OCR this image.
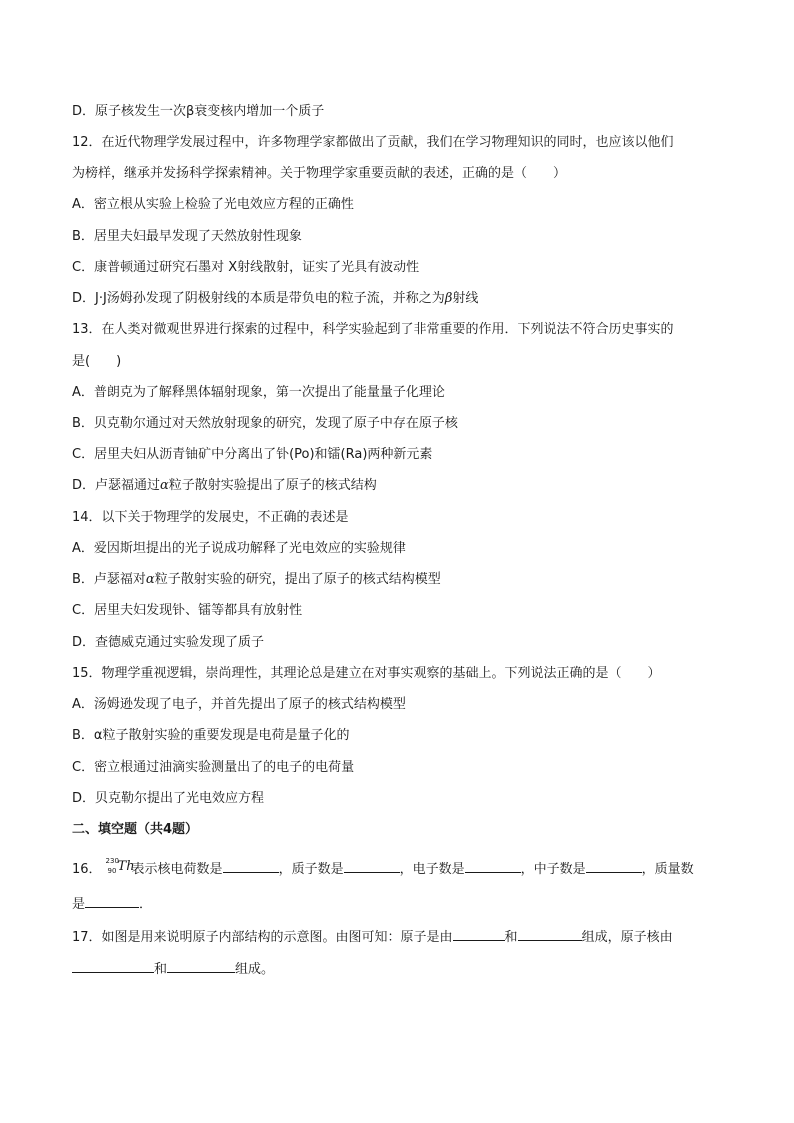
D．原子核发生一次β衰变核内增加一个质子
12．在近代物理学发展过程中，许多物理学家都做出了贡献，我们在学习物理知识的同时，也应该以他们
为榜样，继承并发扬科学探索精神。关于物理学家重要贡献的表述，正确的是（　　）
A．密立根从实验上检验了光电效应方程的正确性
B．居里夫妇最早发现了天然放射性现象
C．康普顿通过研究石墨对 X射线散射，证实了光具有波动性
D．J·J汤姆孙发现了阴极射线的本质是带负电的粒子流，并称之为β射线
13．在人类对微观世界进行探索的过程中，科学实验起到了非常重要的作用．下列说法不符合历史事实的
是(　　)
A．普朗克为了解释黑体辐射现象，第一次提出了能量量子化理论
B．贝克勒尔通过对天然放射现象的研究，发现了原子中存在原子核
C．居里夫妇从沥青铀矿中分离出了钋(Po)和镭(Ra)两种新元素
D．卢瑟福通过α粒子散射实验提出了原子的核式结构
14．以下关于物理学的发展史，不正确的表述是
A．爱因斯坦提出的光子说成功解释了光电效应的实验规律
B．卢瑟福对α粒子散射实验的研究，提出了原子的核式结构模型
C．居里夫妇发现钋、镭等都具有放射性
D．查德威克通过实验发现了质子
15．物理学重视逻辑，崇尚理性，其理论总是建立在对事实观察的基础上。下列说法正确的是（　　）
A．汤姆逊发现了电子，并首先提出了原子的核式结构模型
B．α粒子散射实验的重要发现是电荷是量子化的
C．密立根通过油滴实验测量出了的电子的电荷量
D．贝克勒尔提出了光电效应方程
二、填空题（共4题）
16．
230
90 Th
表示核电荷数是	，质子数是	，电子数是	，中子数是	，质量数
是	．
17．如图是用来说明原子内部结构的示意图。由图可知：原子是由	和	组成，原子核由
和	组成。
